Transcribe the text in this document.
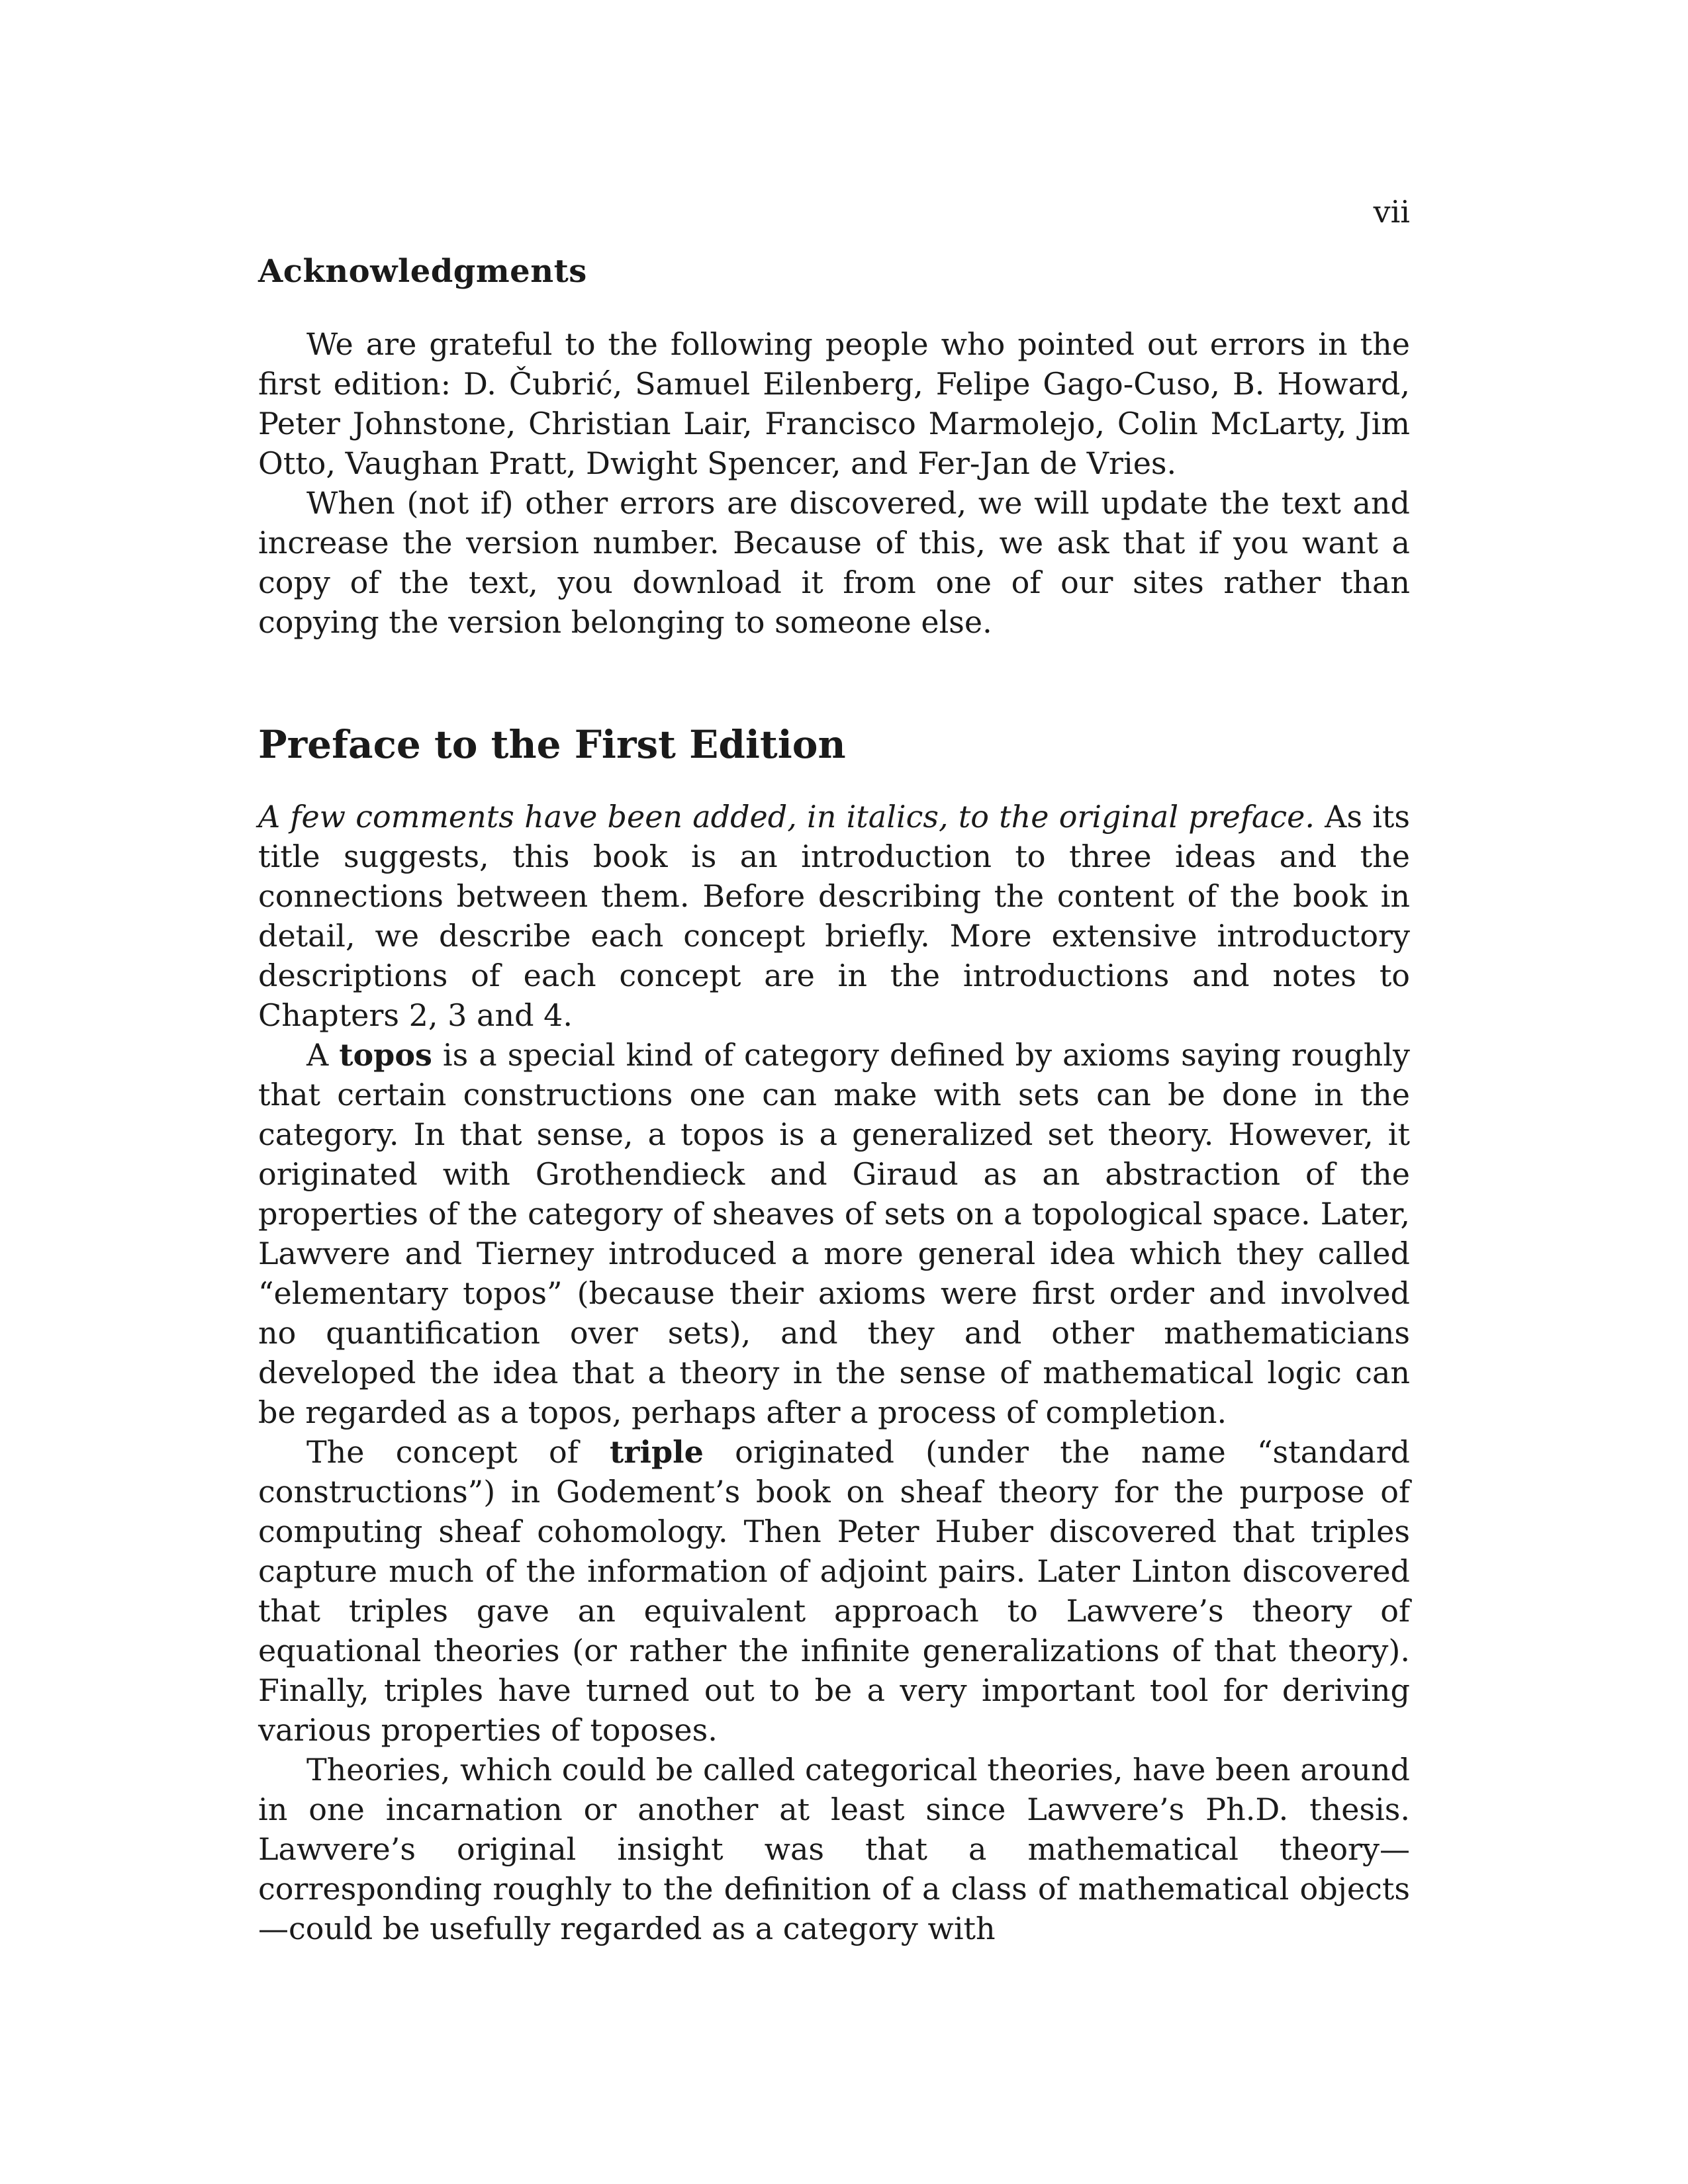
vii
Acknowledgments

We are grateful to the following people who pointed out errors in the first edition: D. Čubrić, Samuel Eilenberg, Felipe Gago-Cuso, B. Howard, Peter Johnstone, Christian Lair, Francisco Marmolejo, Colin McLarty, Jim Otto, Vaughan Pratt, Dwight Spencer, and Fer-Jan de Vries.

When (not if) other errors are discovered, we will update the text and increase the version number. Because of this, we ask that if you want a copy of the text, you download it from one of our sites rather than copying the version belonging to someone else.

Preface to the First Edition

A few comments have been added, in italics, to the original preface. As its title suggests, this book is an introduction to three ideas and the connections between them. Before describing the content of the book in detail, we describe each concept briefly. More extensive introductory descriptions of each concept are in the introductions and notes to Chapters 2, 3 and 4.

A topos is a special kind of category defined by axioms saying roughly that certain constructions one can make with sets can be done in the category. In that sense, a topos is a generalized set theory. However, it originated with Grothendieck and Giraud as an abstraction of the properties of the category of sheaves of sets on a topological space. Later, Lawvere and Tierney introduced a more general idea which they called “elementary topos” (because their axioms were first order and involved no quantification over sets), and they and other mathematicians developed the idea that a theory in the sense of mathematical logic can be regarded as a topos, perhaps after a process of completion.

The concept of triple originated (under the name “standard constructions”) in Godement’s book on sheaf theory for the purpose of computing sheaf cohomology. Then Peter Huber discovered that triples capture much of the information of adjoint pairs. Later Linton discovered that triples gave an equivalent approach to Lawvere’s theory of equational theories (or rather the infinite generalizations of that theory). Finally, triples have turned out to be a very important tool for deriving various properties of toposes.

Theories, which could be called categorical theories, have been around in one incarnation or another at least since Lawvere’s Ph.D. thesis. Lawvere’s original insight was that a mathematical theory—corresponding roughly to the definition of a class of mathematical objects—could be usefully regarded as a category with
